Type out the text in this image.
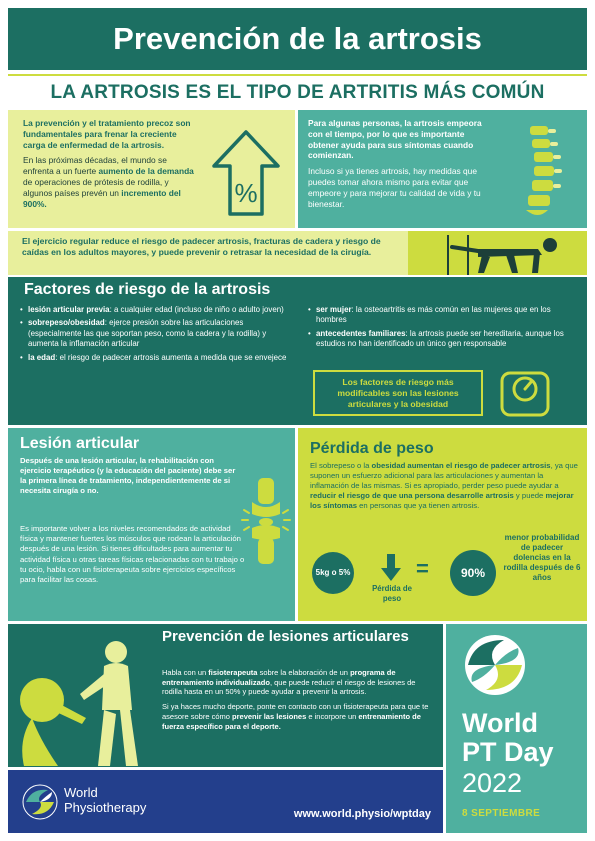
Prevención de la artrosis
LA ARTROSIS ES EL TIPO DE ARTRITIS MÁS COMÚN

La prevención y el tratamiento precoz son fundamentales para frenar la creciente carga de enfermedad de la artrosis.

En las próximas décadas, el mundo se enfrenta a un fuerte aumento de la demanda de operaciones de prótesis de rodilla, y algunos países prevén un incremento del 900%.	%

Para algunas personas, la artrosis empeora con el tiempo, por lo que es importante obtener ayuda para sus síntomas cuando comienzan.

Incluso si ya tienes artrosis, hay medidas que puedes tomar ahora mismo para evitar que empeore y para mejorar tu calidad de vida y tu bienestar.

El ejercicio regular reduce el riesgo de padecer artrosis, fracturas de cadera y riesgo de caídas en los adultos mayores, y puede prevenir o retrasar la necesidad de la cirugía.
Factores de riesgo de la artrosis
• lesión articular previa: a cualquier edad (incluso de niño o adulto joven)
• sobrepeso/obesidad: ejerce presión sobre las articulaciones (especialmente las que soportan peso, como la cadera y la rodilla) y aumenta la inflamación articular
• la edad: el riesgo de padecer artrosis aumenta a medida que se envejece
• ser mujer: la osteoartritis es más común en las mujeres que en los hombres
• antecedentes familiares: la artrosis puede ser hereditaria, aunque los estudios no han identificado un único gen responsable
Los factores de riesgo más modificables son las lesiones articulares y la obesidad
Lesión articular
Después de una lesión articular, la rehabilitación con ejercicio terapéutico (y la educación del paciente) debe ser la primera línea de tratamiento, independientemente de si necesita cirugía o no.
Es importante volver a los niveles recomendados de actividad física y mantener fuertes los músculos que rodean la articulación después de una lesión. Si tienes dificultades para aumentar tu actividad física u otras tareas físicas relacionadas con tu trabajo o tu ocio, habla con un fisioterapeuta sobre ejercicios específicos para facilitar las cosas.
Pérdida de peso
El sobrepeso o la obesidad aumentan el riesgo de padecer artrosis, ya que suponen un esfuerzo adicional para las articulaciones y aumentan la inflamación de las mismas. Si es apropiado, perder peso puede ayudar a reducir el riesgo de que una persona desarrolle artrosis y puede mejorar los síntomas en personas que ya tienen artrosis.
5kg o 5%
Pérdida de peso
=	90%
menor probabilidad de padecer dolencias en la rodilla después de 6 años
Prevención de lesiones articulares

Habla con un fisioterapeuta sobre la elaboración de un programa de entrenamiento individualizado, que puede reducir el riesgo de lesiones de rodilla hasta en un 50% y puede ayudar a prevenir la artrosis.

Si ya haces mucho deporte, ponte en contacto con un fisioterapeuta para que te asesore sobre cómo prevenir las lesiones e incorpore un entrenamiento de fuerza específico para el deporte.

World
Physiotherapy	www.world.physio/wptday
World
PT Day
2022
8 SEPTIEMBRE
